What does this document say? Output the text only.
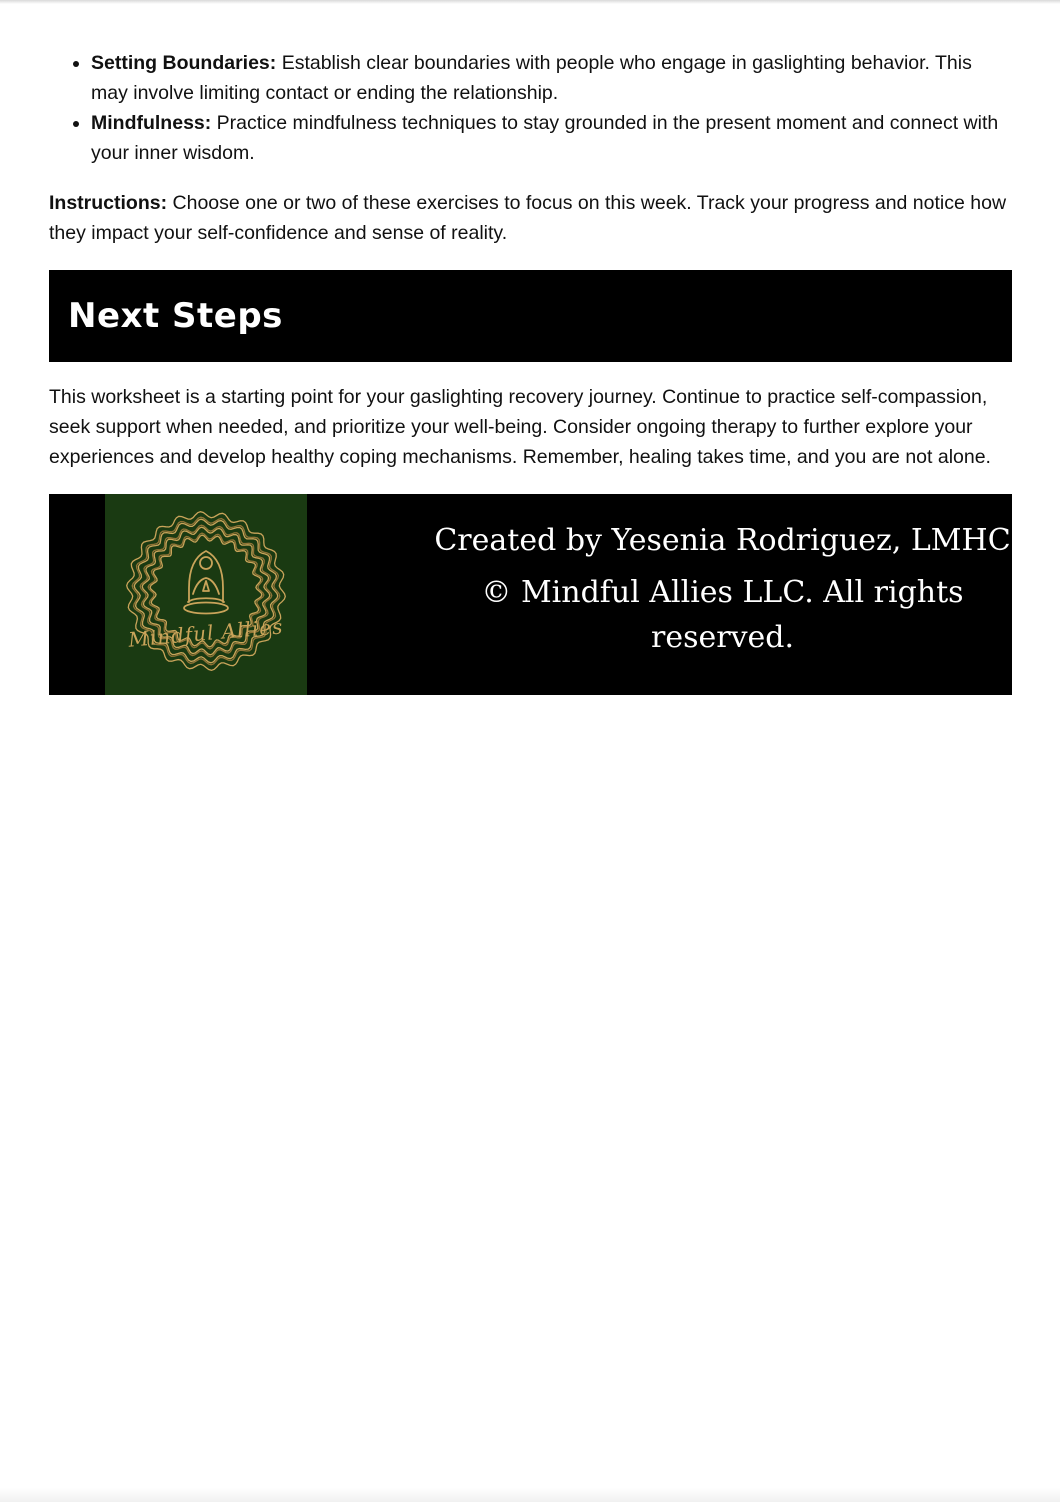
• Setting Boundaries: Establish clear boundaries with people who engage in gaslighting behavior. This may involve limiting contact or ending the relationship.
• Mindfulness: Practice mindfulness techniques to stay grounded in the present moment and connect with your inner wisdom.

Instructions: Choose one or two of these exercises to focus on this week. Track your progress and notice how they impact your self-confidence and sense of reality.

Next Steps

This worksheet is a starting point for your gaslighting recovery journey. Continue to practice self-compassion, seek support when needed, and prioritize your well-being. Consider ongoing therapy to further explore your experiences and develop healthy coping mechanisms. Remember, healing takes time, and you are not alone.

Mindful Allies

Created by Yesenia Rodriguez, LMHC

© Mindful Allies LLC. All rights reserved.
